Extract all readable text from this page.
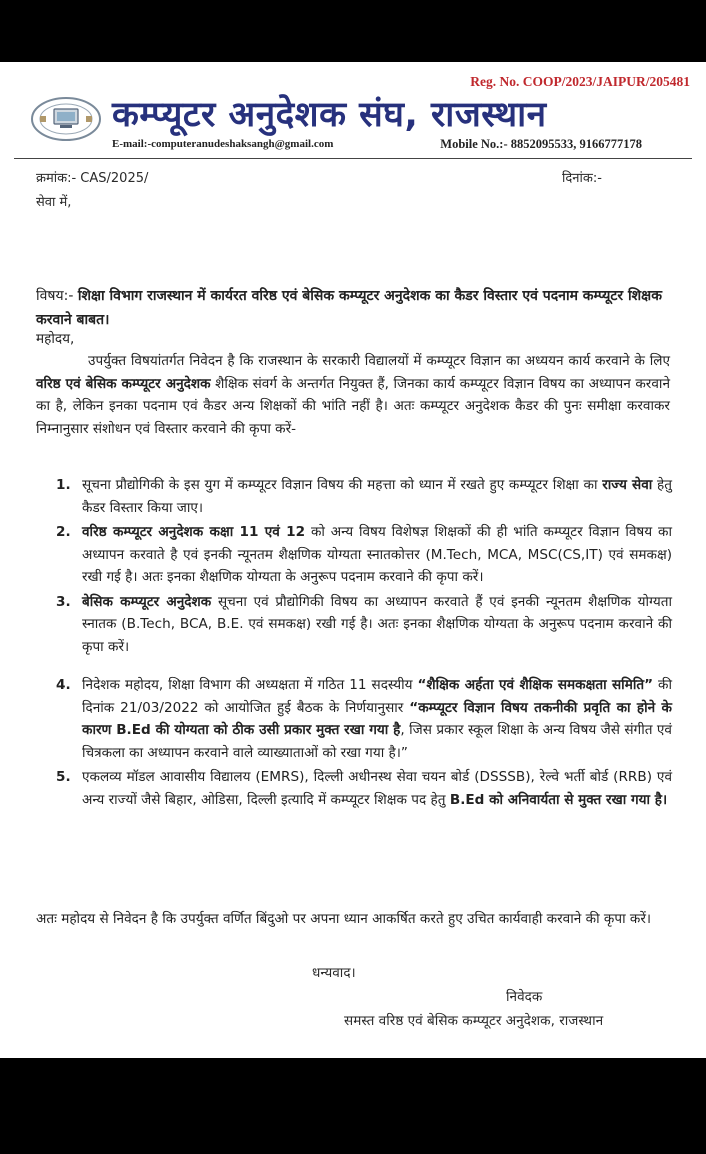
Reg. No. COOP/2023/JAIPUR/205481
कम्प्यूटर अनुदेशक संघ, राजस्थान
E-mail:-computeranudeshaksangh@gmail.com	Mobile No.:- 8852095533, 9166777178
क्रमांक:- CAS/2025/	दिनांक:-
सेवा में,
विषय:- शिक्षा विभाग राजस्थान में कार्यरत वरिष्ठ एवं बेसिक कम्प्यूटर अनुदेशक का कैडर विस्तार एवं पदनाम कम्प्यूटर शिक्षक करवाने बाबत।
महोदय,
उपर्युक्त विषयांतर्गत निवेदन है कि राजस्थान के सरकारी विद्यालयों में कम्प्यूटर विज्ञान का अध्ययन कार्य करवाने के लिए वरिष्ठ एवं बेसिक कम्प्यूटर अनुदेशक शैक्षिक संवर्ग के अन्तर्गत नियुक्त हैं, जिनका कार्य कम्प्यूटर विज्ञान विषय का अध्यापन करवाने का है, लेकिन इनका पदनाम एवं कैडर अन्य शिक्षकों की भांति नहीं है। अतः कम्प्यूटर अनुदेशक कैडर की पुनः समीक्षा करवाकर निम्नानुसार संशोधन एवं विस्तार करवाने की कृपा करें-
1. सूचना प्रौद्योगिकी के इस युग में कम्प्यूटर विज्ञान विषय की महत्ता को ध्यान में रखते हुए कम्प्यूटर शिक्षा का राज्य सेवा हेतु कैडर विस्तार किया जाए।
2. वरिष्ठ कम्प्यूटर अनुदेशक कक्षा 11 एवं 12 को अन्य विषय विशेषज्ञ शिक्षकों की ही भांति कम्प्यूटर विज्ञान विषय का अध्यापन करवाते है एवं इनकी न्यूनतम शैक्षणिक योग्यता स्नातकोत्तर (M.Tech, MCA, MSC(CS,IT) एवं समकक्ष) रखी गई है। अतः इनका शैक्षणिक योग्यता के अनुरूप पदनाम करवाने की कृपा करें।
3. बेसिक कम्प्यूटर अनुदेशक सूचना एवं प्रौद्योगिकी विषय का अध्यापन करवाते हैं एवं इनकी न्यूनतम शैक्षणिक योग्यता स्नातक (B.Tech, BCA, B.E. एवं समकक्ष) रखी गई है। अतः इनका शैक्षणिक योग्यता के अनुरूप पदनाम करवाने की कृपा करें।
4. निदेशक महोदय, शिक्षा विभाग की अध्यक्षता में गठित 11 सदस्यीय “शैक्षिक अर्हता एवं शैक्षिक समकक्षता समिति” की दिनांक 21/03/2022 को आयोजित हुई बैठक के निर्णयानुसार “कम्प्यूटर विज्ञान विषय तकनीकी प्रवृति का होने के कारण B.Ed की योग्यता को ठीक उसी प्रकार मुक्त रखा गया है, जिस प्रकार स्कूल शिक्षा के अन्य विषय जैसे संगीत एवं चित्रकला का अध्यापन करवाने वाले व्याख्याताओं को रखा गया है।”
5. एकलव्य मॉडल आवासीय विद्यालय (EMRS), दिल्ली अधीनस्थ सेवा चयन बोर्ड (DSSSB), रेल्वे भर्ती बोर्ड (RRB) एवं अन्य राज्यों जैसे बिहार, ओडिसा, दिल्ली इत्यादि में कम्प्यूटर शिक्षक पद हेतु B.Ed को अनिवार्यता से मुक्त रखा गया है।
अतः महोदय से निवेदन है कि उपर्युक्त वर्णित बिंदुओ पर अपना ध्यान आकर्षित करते हुए उचित कार्यवाही करवाने की कृपा करें।
धन्यवाद।
निवेदक
समस्त वरिष्ठ एवं बेसिक कम्प्यूटर अनुदेशक, राजस्थान
